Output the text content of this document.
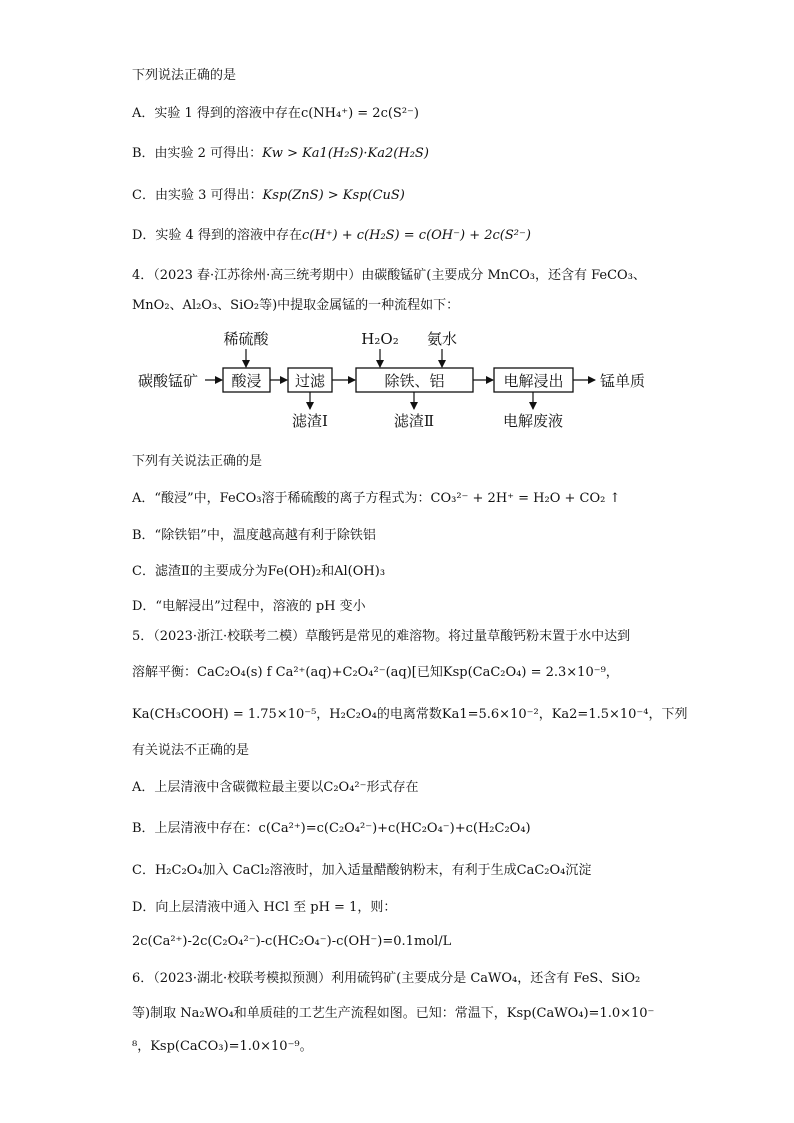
下列说法正确的是
A．实验 1 得到的溶液中存在c(NH₄⁺) = 2c(S²⁻)
B．由实验 2 可得出：Kw > Ka1(H₂S)·Ka2(H₂S)
C．由实验 3 可得出：Ksp(ZnS) > Ksp(CuS)
D．实验 4 得到的溶液中存在c(H⁺) + c(H₂S) = c(OH⁻) + 2c(S²⁻)
4．（2023 春·江苏徐州·高三统考期中）由碳酸锰矿(主要成分 MnCO₃，还含有 FeCO₃、
MnO₂、Al₂O₃、SiO₂等)中提取金属锰的一种流程如下：
碳酸锰矿 酸浸 过滤	除铁、铝	电解浸出 锰单质
稀硫酸	H₂O₂ 氨水
滤渣Ⅰ	滤渣Ⅱ	电解废液
下列有关说法正确的是
A．“酸浸”中，FeCO₃溶于稀硫酸的离子方程式为：CO₃²⁻ + 2H⁺ = H₂O + CO₂ ↑
B．“除铁铝”中，温度越高越有利于除铁铝
C．滤渣Ⅱ的主要成分为Fe(OH)₂和Al(OH)₃
D．“电解浸出”过程中，溶液的 pH 变小
5．（2023·浙江·校联考二模）草酸钙是常见的难溶物。将过量草酸钙粉末置于水中达到
溶解平衡：CaC₂O₄(s) f Ca²⁺(aq)+C₂O₄²⁻(aq)[已知Ksp(CaC₂O₄) = 2.3×10⁻⁹，
Ka(CH₃COOH) = 1.75×10⁻⁵，H₂C₂O₄的电离常数Ka1=5.6×10⁻²，Ka2=1.5×10⁻⁴，下列
有关说法不正确的是
A．上层清液中含碳微粒最主要以C₂O₄²⁻形式存在
B．上层清液中存在：c(Ca²⁺)=c(C₂O₄²⁻)+c(HC₂O₄⁻)+c(H₂C₂O₄)
C．H₂C₂O₄加入 CaCl₂溶液时，加入适量醋酸钠粉末，有利于生成CaC₂O₄沉淀
D．向上层清液中通入 HCl 至 pH = 1，则：
2c(Ca²⁺)-2c(C₂O₄²⁻)-c(HC₂O₄⁻)-c(OH⁻)=0.1mol/L
6．（2023·湖北·校联考模拟预测）利用硫钨矿(主要成分是 CaWO₄，还含有 FeS、SiO₂
等)制取 Na₂WO₄和单质硅的工艺生产流程如图。已知：常温下，Ksp(CaWO₄)=1.0×10⁻
⁸，Ksp(CaCO₃)=1.0×10⁻⁹。
